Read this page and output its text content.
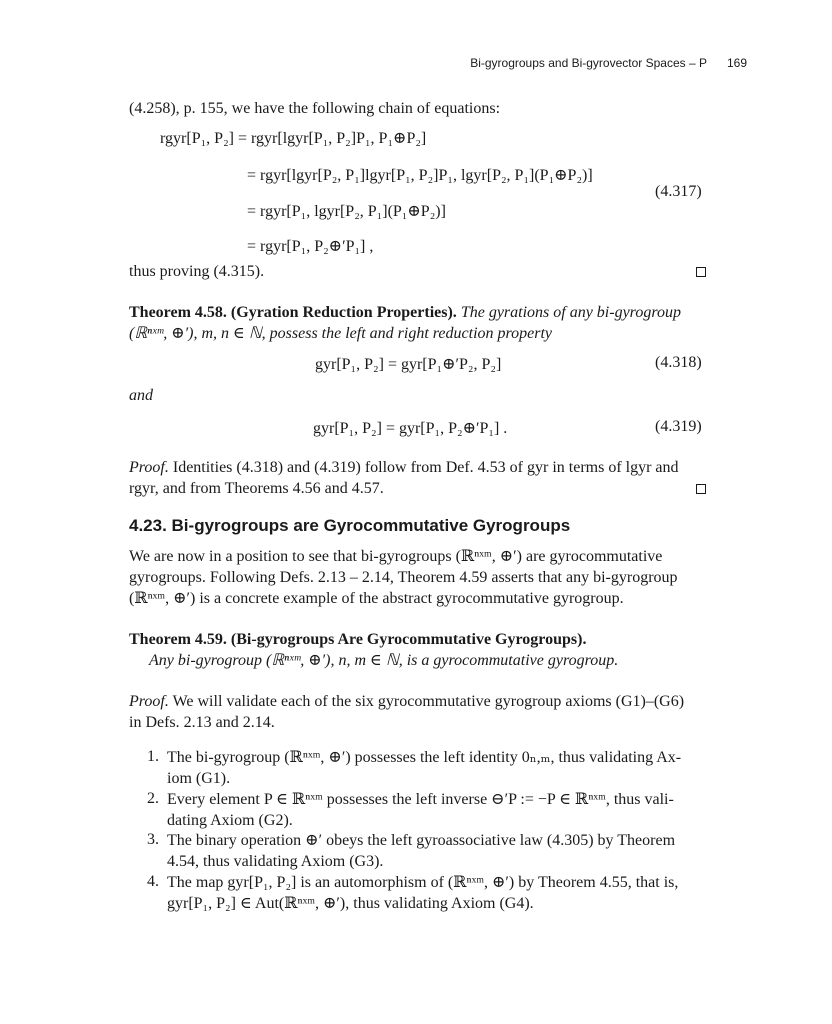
Bi-gyrogroups and Bi-gyrovector Spaces – P 169
(4.258), p. 155, we have the following chain of equations:
rgyr[P₁, P₂] = rgyr[lgyr[P₁, P₂]P₁, P₁⊕P₂]
= rgyr[lgyr[P₂, P₁]lgyr[P₁, P₂]P₁, lgyr[P₂, P₁](P₁⊕P₂)]
(4.317)
= rgyr[P₁, lgyr[P₂, P₁](P₁⊕P₂)]
= rgyr[P₁, P₂⊕′P₁] ,
thus proving (4.315).
Theorem 4.58. (Gyration Reduction Properties). The gyrations of any bi-gyrogroup
(ℝⁿˣᵐ, ⊕′), m, n ∈ ℕ, possess the left and right reduction property
gyr[P₁, P₂] = gyr[P₁⊕′P₂, P₂]	(4.318)
and
gyr[P₁, P₂] = gyr[P₁, P₂⊕′P₁] .	(4.319)
Proof. Identities (4.318) and (4.319) follow from Def. 4.53 of gyr in terms of lgyr and
rgyr, and from Theorems 4.56 and 4.57.
4.23. Bi-gyrogroups are Gyrocommutative Gyrogroups
We are now in a position to see that bi-gyrogroups (ℝⁿˣᵐ, ⊕′) are gyrocommutative
gyrogroups. Following Defs. 2.13 – 2.14, Theorem 4.59 asserts that any bi-gyrogroup
(ℝⁿˣᵐ, ⊕′) is a concrete example of the abstract gyrocommutative gyrogroup.
Theorem 4.59. (Bi-gyrogroups Are Gyrocommutative Gyrogroups).
Any bi-gyrogroup (ℝⁿˣᵐ, ⊕′), n, m ∈ ℕ, is a gyrocommutative gyrogroup.
Proof. We will validate each of the six gyrocommutative gyrogroup axioms (G1)–(G6)
in Defs. 2.13 and 2.14.
1. The bi-gyrogroup (ℝⁿˣᵐ, ⊕′) possesses the left identity 0ₙ,ₘ, thus validating Ax-
iom (G1).
2. Every element P ∈ ℝⁿˣᵐ possesses the left inverse ⊖′P := −P ∈ ℝⁿˣᵐ, thus vali-
dating Axiom (G2).
3. The binary operation ⊕′ obeys the left gyroassociative law (4.305) by Theorem
4.54, thus validating Axiom (G3).
4. The map gyr[P₁, P₂] is an automorphism of (ℝⁿˣᵐ, ⊕′) by Theorem 4.55, that is,
gyr[P₁, P₂] ∈ Aut(ℝⁿˣᵐ, ⊕′), thus validating Axiom (G4).
